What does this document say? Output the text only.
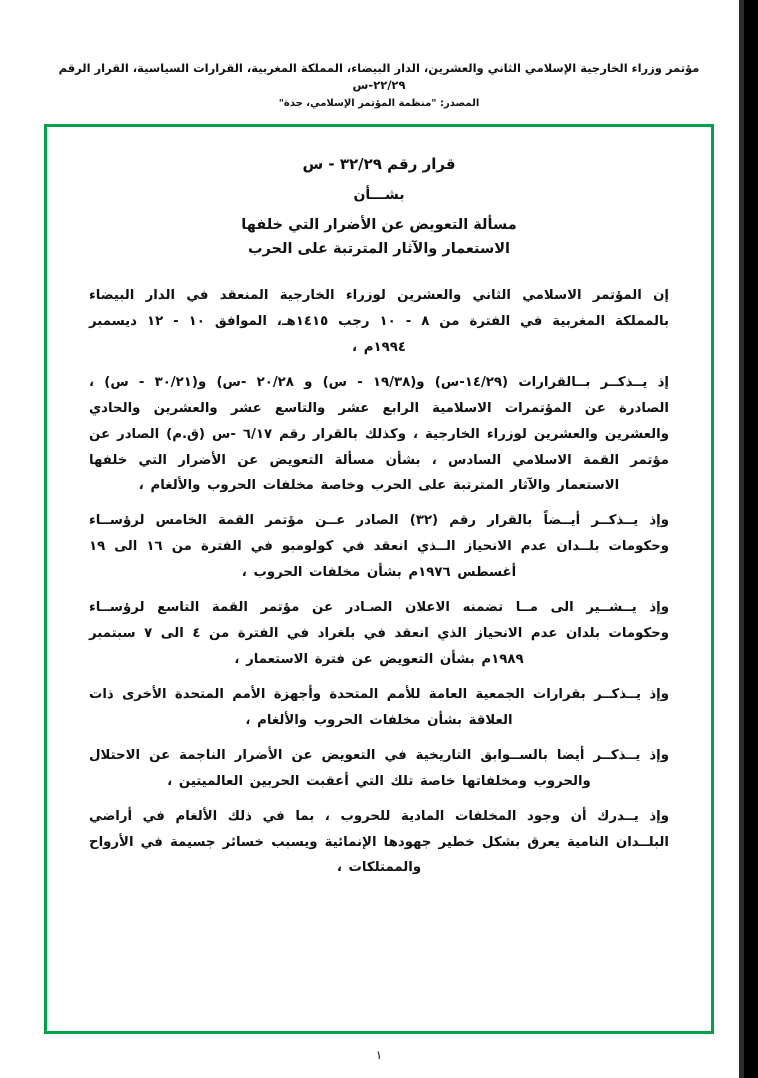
مؤتمر وزراء الخارجية الإسلامي الثاني والعشرين، الدار البيضاء، المملكة المغربية، القرارات السياسية، القرار الرقم ٢٢/٢٩-س
المصدر: "منظمة المؤتمر الإسلامي، جدة"
قرار رقم ٣٢/٢٩ - س
بشـــأن
مسألة التعويض عن الأضرار التي خلفها
الاستعمار والآثار المترتبة على الحرب

إن المؤتمر الاسلامي الثاني والعشرين لوزراء الخارجية المنعقد في الدار البيضاء بالمملكة المغربية في الفترة من ٨ - ١٠ رجب ١٤١٥هـ، الموافق ١٠ - ١٢ ديسمبر ١٩٩٤م ،

إذ يــذكــر بــالقرارات (١٤/٢٩-س) و(١٩/٣٨ - س) و ٢٠/٢٨ -س) و(٣٠/٢١ - س) ، الصادرة عن المؤتمرات الاسلامية الرابع عشر والتاسع عشر والعشرين والحادي والعشرين والعشرين لوزراء الخارجية ، وكذلك بالقرار رقم ٦/١٧ -س (ق.م) الصادر عن مؤتمر القمة الاسلامي السادس ، بشأن مسألة التعويض عن الأضرار التي خلفها الاستعمار والآثار المترتبة على الحرب وخاصة مخلفات الحروب والألغام ،

وإذ يــذكــر أيــضاً بالقرار رقم (٣٢) الصادر عــن مؤتمر القمة الخامس لرؤســاء وحكومات بلــدان عدم الانحياز الــذي انعقد في كولومبو في الفترة من ١٦ الى ١٩ أغسطس ١٩٧٦م بشأن مخلفات الحروب ،

وإذ يــشــير الى مــا تضمنه الاعلان الصـادر عن مؤتمر القمة التاسع لرؤســاء وحكومات بلدان عدم الانحياز الذي انعقد في بلغراد في الفترة من ٤ الى ٧ سبتمبر ١٩٨٩م بشأن التعويض عن فترة الاستعمار ،

وإذ يــذكــر بقرارات الجمعية العامة للأمم المتحدة وأجهزة الأمم المتحدة الأخرى ذات العلاقة بشأن مخلفات الحروب والألغام ،

وإذ يــذكــر أيضا بالســوابق التاريخية في التعويض عن الأضرار الناجمة عن الاحتلال والحروب ومخلفاتها خاصة تلك التي أعقبت الحربين العالميتين ،

وإذ يــدرك أن وجود المخلفات المادية للحروب ، بما في ذلك الألغام في أراضي البلــدان النامية يعرق بشكل خطير جهودها الإنمائية ويسبب خسائر جسيمة في الأرواح والممتلكات ،

١
